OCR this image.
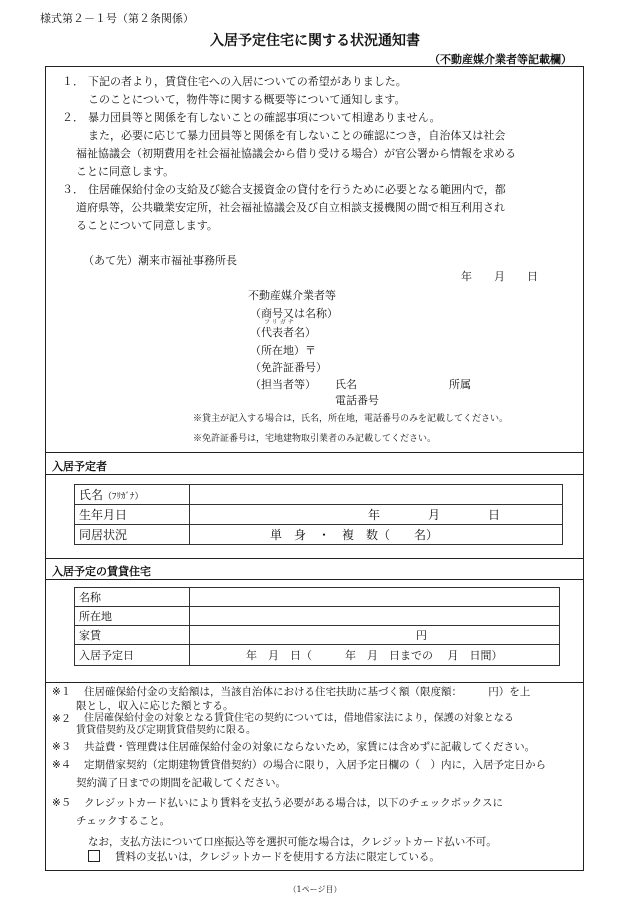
様式第２－１号（第２条関係）
入居予定住宅に関する状況通知書
（不動産媒介業者等記載欄）
１． 下記の者より，賃貸住宅への入居についての希望がありました。
このことについて，物件等に関する概要等について通知します。
２． 暴力団員等と関係を有しないことの確認事項について相違ありません。
また，必要に応じて暴力団員等と関係を有しないことの確認につき，自治体又は社会
福祉協議会（初期費用を社会福祉協議会から借り受ける場合）が官公署から情報を求める
ことに同意します。
３． 住居確保給付金の支給及び総合支援資金の貸付を行うために必要となる範囲内で，都
道府県等，公共職業安定所，社会福祉協議会及び自立相談支援機関の間で相互利用され
ることについて同意します。
（あて先）潮来市福祉事務所長
年　　月　　日
不動産媒介業者等
（商号又は名称）
フリガナ
（代表者名）
（所在地）〒
（免許証番号）
（担当者等） 氏名	所属
電話番号
※貸主が記入する場合は，氏名，所在地，電話番号のみを記載してください。
※免許証番号は，宅地建物取引業者のみ記載してください。
入居予定者
氏名（ﾌﾘｶﾞﾅ）	
生年月日	年　　　　月　　　　日
同居状況	単　身　・　複　数（　　名）
入居予定の賃貸住宅
名称	
所在地	
家賃	円
入居予定日	年　月　日（　　　年　月　日までの　 月　日間）
※１ 住居確保給付金の支給額は，当該自治体における住宅扶助に基づく額（限度額：　　　円）を上
限とし，収入に応じた額とする。
※２ 住居確保給付金の対象となる賃貸住宅の契約については，借地借家法により，保護の対象となる
賃貸借契約及び定期賃貸借契約に限る。
※３ 共益費・管理費は住居確保給付金の対象にならないため，家賃には含めずに記載してください。
※４ 定期借家契約（定期建物賃貸借契約）の場合に限り，入居予定日欄の（　）内に，入居予定日から
契約満了日までの期間を記載してください。
※５ クレジットカード払いにより賃料を支払う必要がある場合は，以下のチェックボックスに
チェックすること。
なお，支払方法について口座振込等を選択可能な場合は，クレジットカード払い不可。
賃料の支払いは，クレジットカードを使用する方法に限定している。
（1ページ目）
